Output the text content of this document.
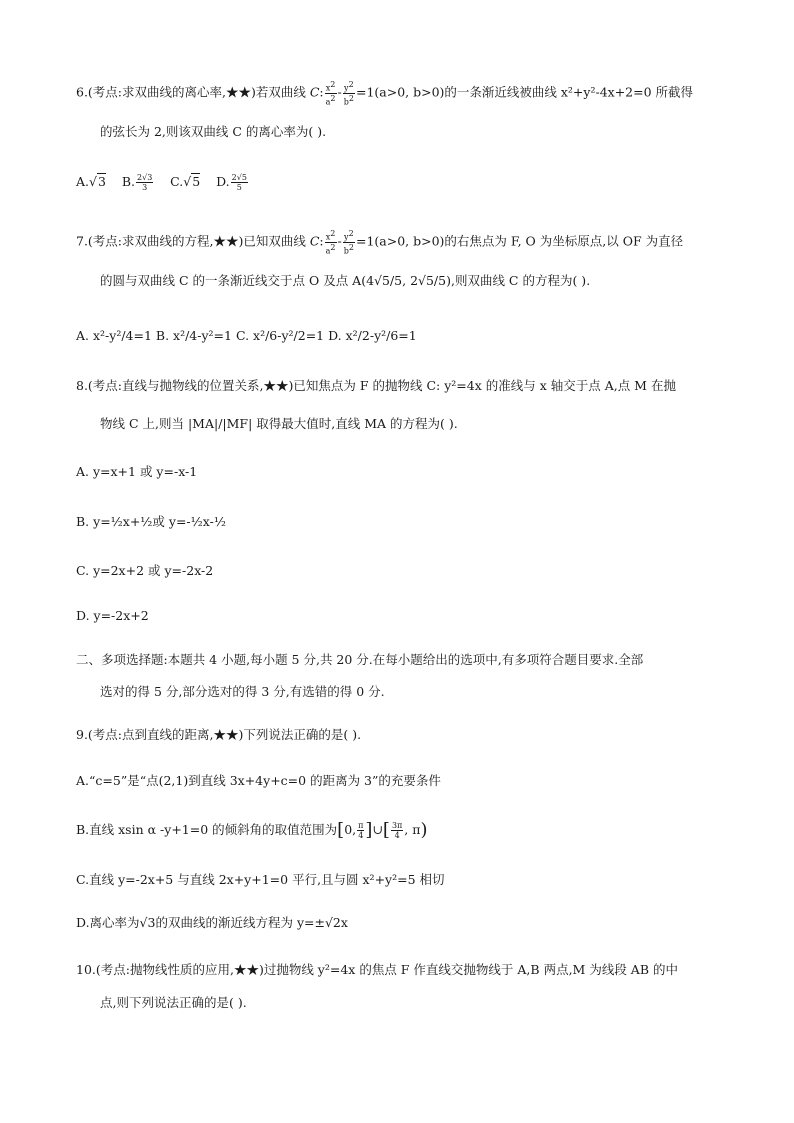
6.(考点:求双曲线的离心率,★★)若双曲线 C: $\frac{x^2}{a^2} - \frac{y^2}{b^2} =1(a>0$, b>0)的一条渐近线被曲线 x²+y²-4x+2=0 所截得
的弦长为 2,则该双曲线 C 的离心率为( ).
A.√3    B. $\frac{2√3}{3} C.√5$    D. $\frac{2√5}{5}$
7.(考点:求双曲线的方程,★★)已知双曲线 C: $\frac{x^2}{a^2} - \frac{y^2}{b^2} =1(a>0$, b>0)的右焦点为 F, O 为坐标原点,以 OF 为直径
的圆与双曲线 C 的一条渐近线交于点 O 及点 A(4√5/5, 2√5/5),则双曲线 C 的方程为( ).
A. x²-y²/4=1 B. x²/4-y²=1 C. x²/6-y²/2=1 D. x²/2-y²/6=1
8.(考点:直线与抛物线的位置关系,★★)已知焦点为 F 的抛物线 C: y²=4x 的准线与 x 轴交于点 A,点 M 在抛
物线 C 上,则当 |MA|/|MF| 取得最大值时,直线 MA 的方程为( ).
A. y=x+1 或 y=-x-1
B. y=½x+½或 y=-½x-½
C. y=2x+2 或 y=-2x-2
D. y=-2x+2
二、多项选择题:本题共 4 小题,每小题 5 分,共 20 分.在每小题给出的选项中,有多项符合题目要求.全部
选对的得 5 分,部分选对的得 3 分,有选错的得 0 分.
9.(考点:点到直线的距离,★★)下列说法正确的是( ).
A.“c=5”是“点(2,1)到直线 3x+4y+c=0 的距离为 3”的充要条件
B.直线 xsin α -y+1=0 的倾斜角的取值范围为[0, $\frac{\pi}{4}$ ]∪[ $\frac{3\pi}{4}$ , π)
C.直线 y=-2x+5 与直线 2x+y+1=0 平行,且与圆 x²+y²=5 相切
D.离心率为√3的双曲线的渐近线方程为 y=±√2x
10.(考点:抛物线性质的应用,★★)过抛物线 y²=4x 的焦点 F 作直线交抛物线于 A,B 两点,M 为线段 AB 的中
点,则下列说法正确的是( ).
